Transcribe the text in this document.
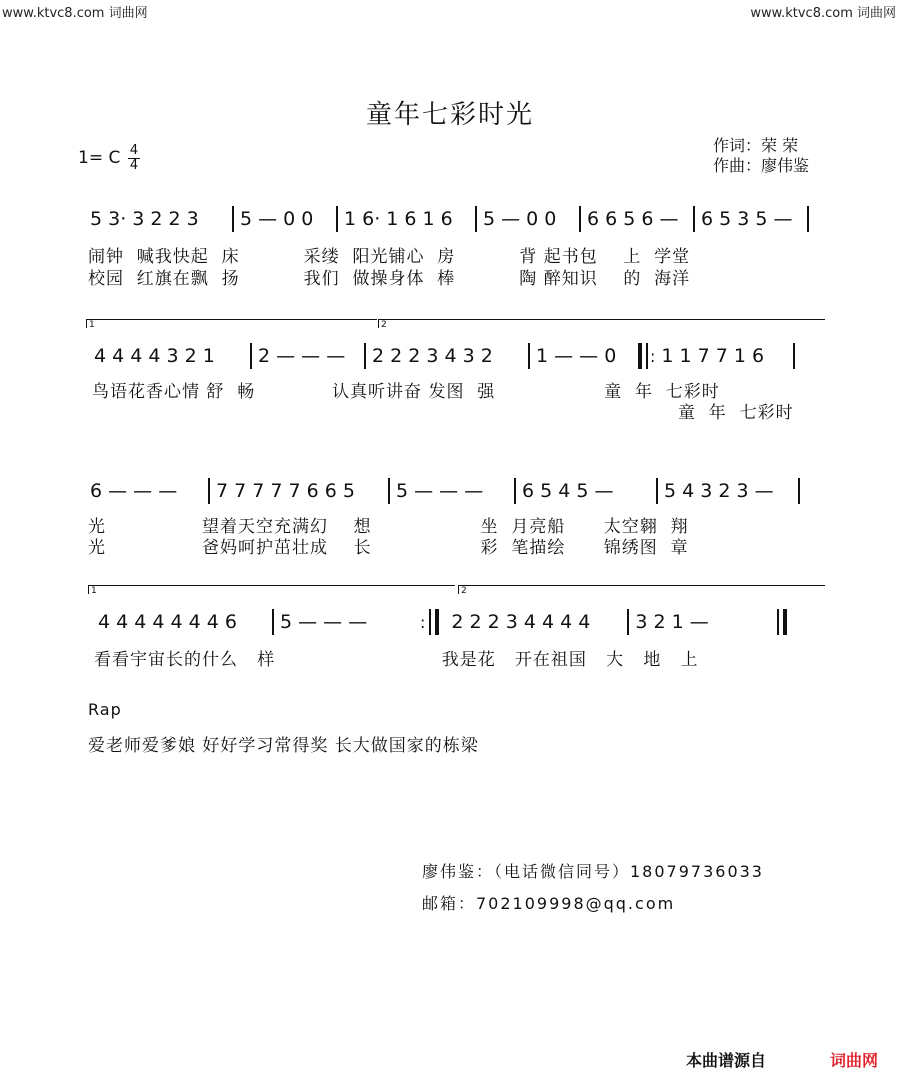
www.ktvc8.com 词曲网	www.ktvc8.com 词曲网
童年七彩时光
作词：荣 荣
作曲：廖伟鉴
1= C 4
4
5 3· 3 2 2 3	5 — 0 0	1 6· 1 6 1 6	5 — 0 0	6 6 5 6 —	6 5 3 5 —
闹钟  喊我快起  床          采缕  阳光铺心  房          背 起书包    上  学堂
校园  红旗在飘  扬          我们  做操身体  棒          陶 醉知识    的  海洋
1	2
4 4 4 4 3 2 1	2 — — —	2 2 2 3 4 3 2	1 — — 0	: 1 1 7 7 1 6
鸟语花香心情 舒  畅            认真听讲奋 发图  强                 童  年  七彩时
童  年  七彩时
6 — — —	7 7 7 7 7 6 6 5	5 — — —	6 5 4 5 —	5 4 3 2 3 —
光               望着天空充满幻    想                 坐  月亮船      太空翱  翔
光               爸妈呵护茁壮成    长                 彩  笔描绘      锦绣图  章
1	2
4 4 4 4 4 4 4 6	5 — — —	: 2 2 2 3 4 4 4 4	3 2 1 —
看看宇宙长的什么   样                          我是花   开在祖国   大   地   上
Rap
爱老师爱爹娘 好好学习常得奖 长大做国家的栋梁
廖伟鉴：（电话微信同号）18079736033
邮箱：702109998@qq.com
本曲谱源自	词曲网
